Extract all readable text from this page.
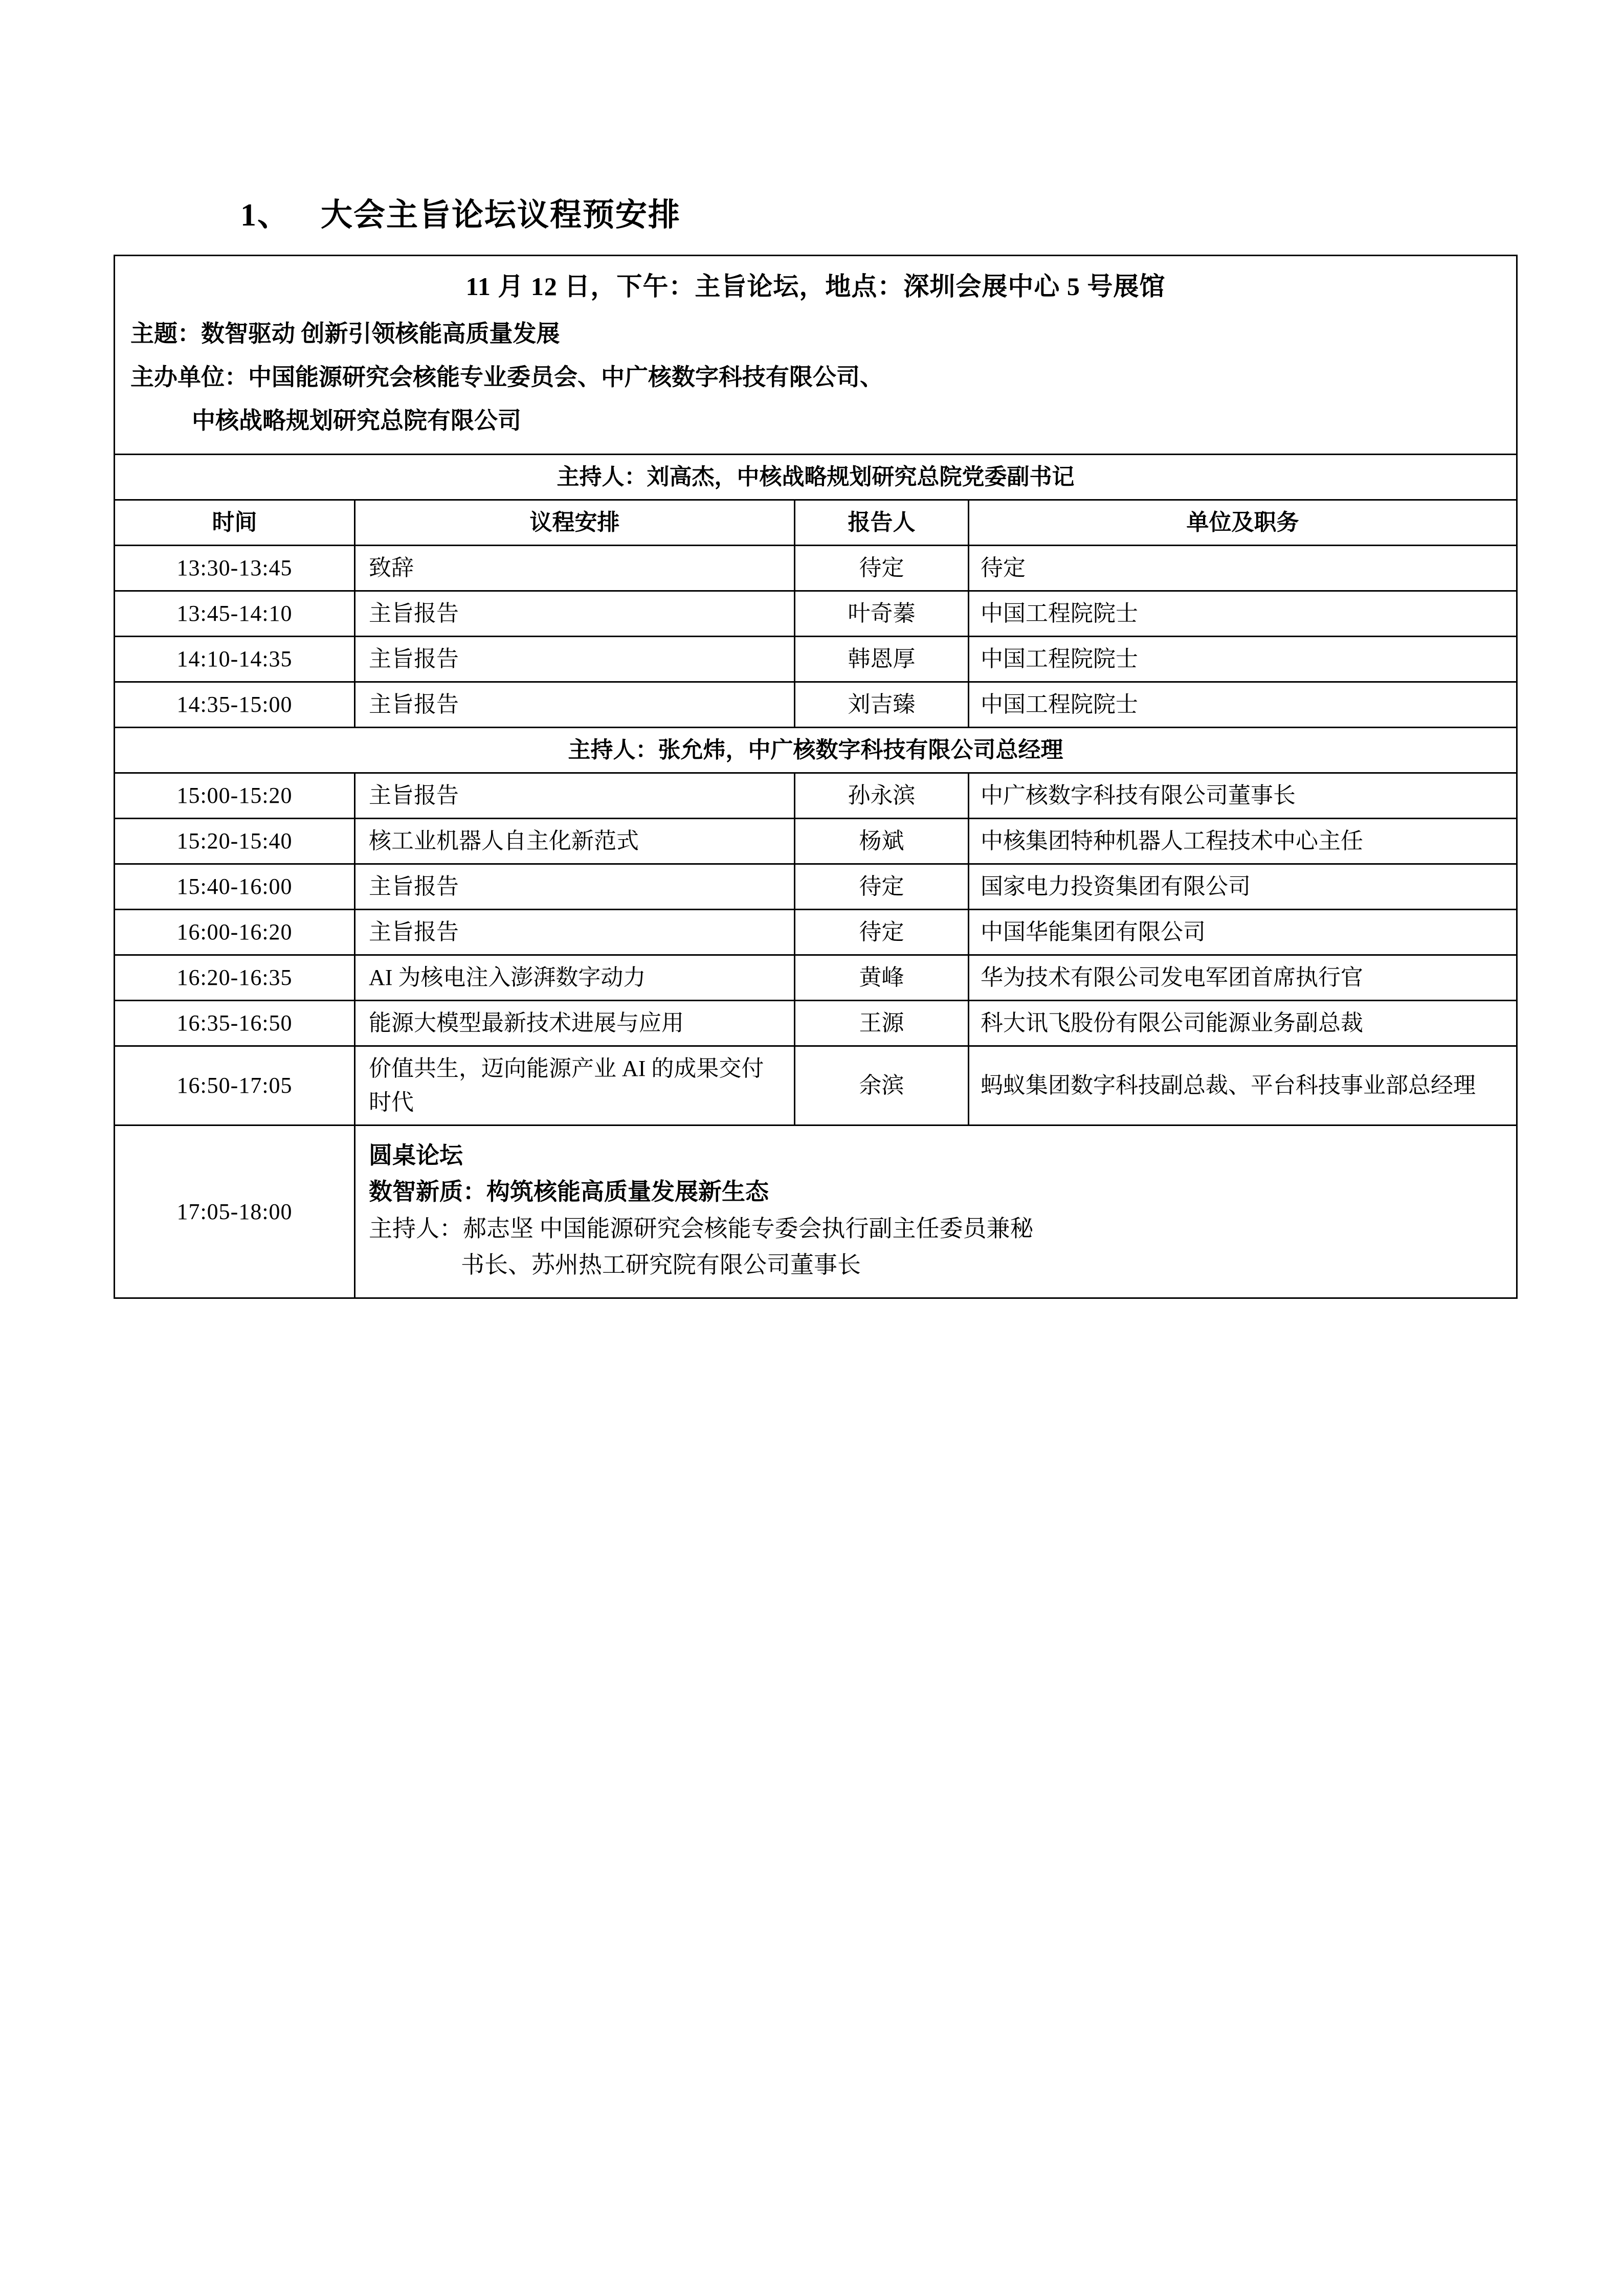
1、 大会主旨论坛议程预安排
11 月 12 日，下午：主旨论坛，地点：深圳会展中心 5 号展馆
主题：数智驱动 创新引领核能高质量发展
主办单位：中国能源研究会核能专业委员会、中广核数字科技有限公司、
中核战略规划研究总院有限公司			

主持人：刘高杰，中核战略规划研究总院党委副书记			
时间	议程安排	报告人	单位及职务
13:30-13:45	致辞	待定	待定
13:45-14:10	主旨报告	叶奇蓁	中国工程院院士
14:10-14:35	主旨报告	韩恩厚	中国工程院院士
14:35-15:00	主旨报告	刘吉臻	中国工程院院士
主持人：张允炜，中广核数字科技有限公司总经理			
15:00-15:20	主旨报告	孙永滨	中广核数字科技有限公司董事长
15:20-15:40	核工业机器人自主化新范式	杨斌	中核集团特种机器人工程技术中心主任
15:40-16:00	主旨报告	待定	国家电力投资集团有限公司
16:00-16:20	主旨报告	待定	中国华能集团有限公司
16:20-16:35	AI 为核电注入澎湃数字动力	黄峰	华为技术有限公司发电军团首席执行官
16:35-16:50	能源大模型最新技术进展与应用	王源	科大讯飞股份有限公司能源业务副总裁
16:50-17:05	价值共生，迈向能源产业 AI 的成果交付时代	余滨	蚂蚁集团数字科技副总裁、平台科技事业部总经理
17:05-18:00	圆桌论坛
数智新质：构筑核能高质量发展新生态
主持人：郝志坚 中国能源研究会核能专委会执行副主任委员兼秘
书长、苏州热工研究院有限公司董事长		
